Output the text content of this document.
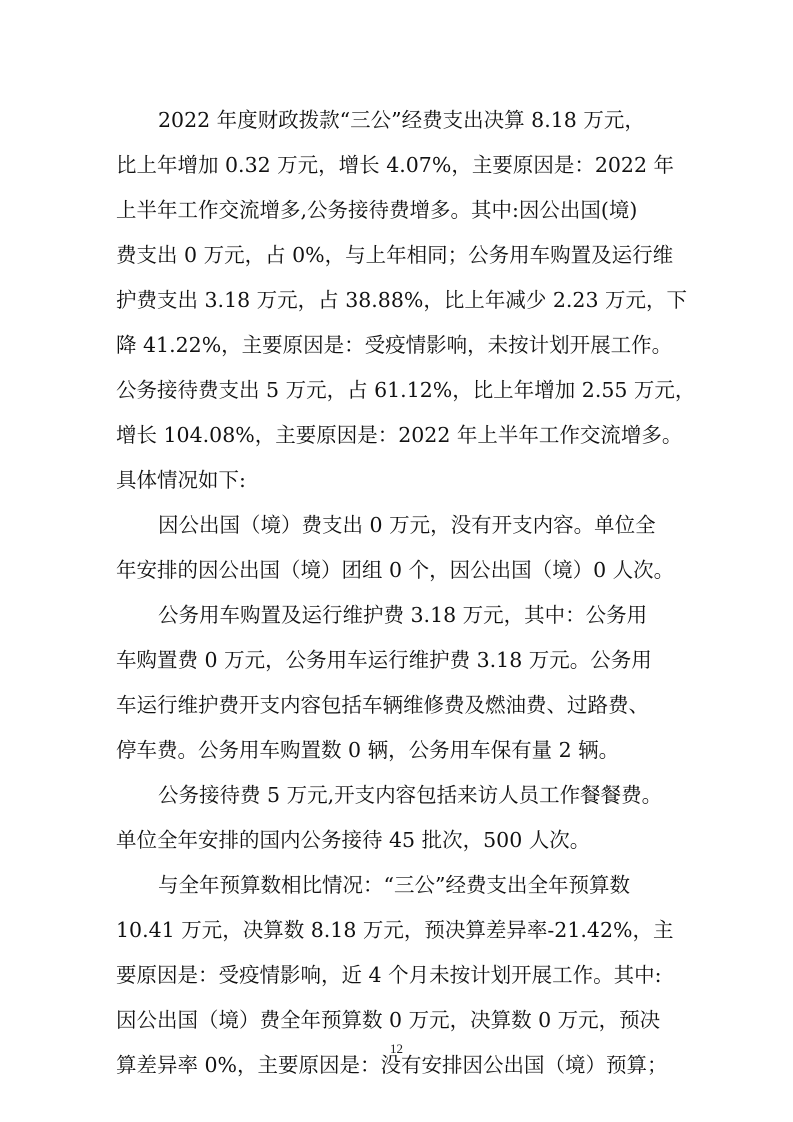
2022 年度财政拨款“三公”经费支出决算 8.18 万元，
比上年增加 0.32 万元，增长 4.07%，主要原因是：2022 年
上半年工作交流增多,公务接待费增多。其中:因公出国(境)
费支出 0 万元，占 0%，与上年相同；公务用车购置及运行维
护费支出 3.18 万元，占 38.88%，比上年减少 2.23 万元，下
降 41.22%，主要原因是：受疫情影响，未按计划开展工作。
公务接待费支出 5 万元，占 61.12%，比上年增加 2.55 万元，
增长 104.08%，主要原因是：2022 年上半年工作交流增多。
具体情况如下:
因公出国（境）费支出 0 万元，没有开支内容。单位全
年安排的因公出国（境）团组 0 个，因公出国（境）0 人次。
公务用车购置及运行维护费 3.18 万元，其中：公务用
车购置费 0 万元，公务用车运行维护费 3.18 万元。公务用
车运行维护费开支内容包括车辆维修费及燃油费、过路费、
停车费。公务用车购置数 0 辆，公务用车保有量 2 辆。
公务接待费 5 万元,开支内容包括来访人员工作餐餐费。
单位全年安排的国内公务接待 45 批次，500 人次。
与全年预算数相比情况：“三公”经费支出全年预算数
10.41 万元，决算数 8.18 万元，预决算差异率-21.42%，主
要原因是：受疫情影响，近 4 个月未按计划开展工作。其中:
因公出国（境）费全年预算数 0 万元，决算数 0 万元，预决
算差异率 0%，主要原因是：没有安排因公出国（境）预算；
12
